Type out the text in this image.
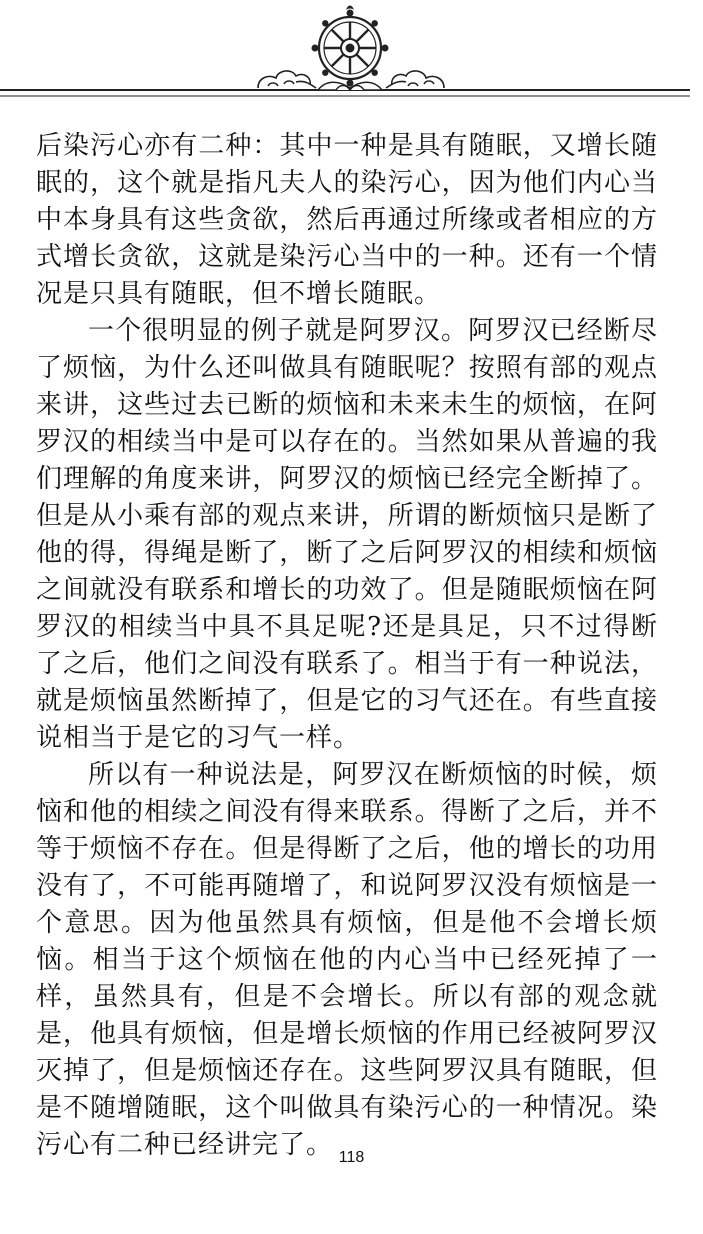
后染污心亦有二种：其中一种是具有随眠，又增长随眠的，这个就是指凡夫人的染污心，因为他们内心当中本身具有这些贪欲，然后再通过所缘或者相应的方式增长贪欲，这就是染污心当中的一种。还有一个情况是只具有随眠，但不增长随眠。

一个很明显的例子就是阿罗汉。阿罗汉已经断尽了烦恼，为什么还叫做具有随眠呢？按照有部的观点来讲，这些过去已断的烦恼和未来未生的烦恼，在阿罗汉的相续当中是可以存在的。当然如果从普遍的我们理解的角度来讲，阿罗汉的烦恼已经完全断掉了。但是从小乘有部的观点来讲，所谓的断烦恼只是断了他的得，得绳是断了，断了之后阿罗汉的相续和烦恼之间就没有联系和增长的功效了。但是随眠烦恼在阿罗汉的相续当中具不具足呢?还是具足，只不过得断了之后，他们之间没有联系了。相当于有一种说法，就是烦恼虽然断掉了，但是它的习气还在。有些直接说相当于是它的习气一样。

所以有一种说法是，阿罗汉在断烦恼的时候，烦恼和他的相续之间没有得来联系。得断了之后，并不等于烦恼不存在。但是得断了之后，他的增长的功用没有了，不可能再随增了，和说阿罗汉没有烦恼是一个意思。因为他虽然具有烦恼，但是他不会增长烦恼。相当于这个烦恼在他的内心当中已经死掉了一样，虽然具有，但是不会增长。所以有部的观念就是，他具有烦恼，但是增长烦恼的作用已经被阿罗汉灭掉了，但是烦恼还存在。这些阿罗汉具有随眠，但是不随增随眠，这个叫做具有染污心的一种情况。染污心有二种已经讲完了。 118
